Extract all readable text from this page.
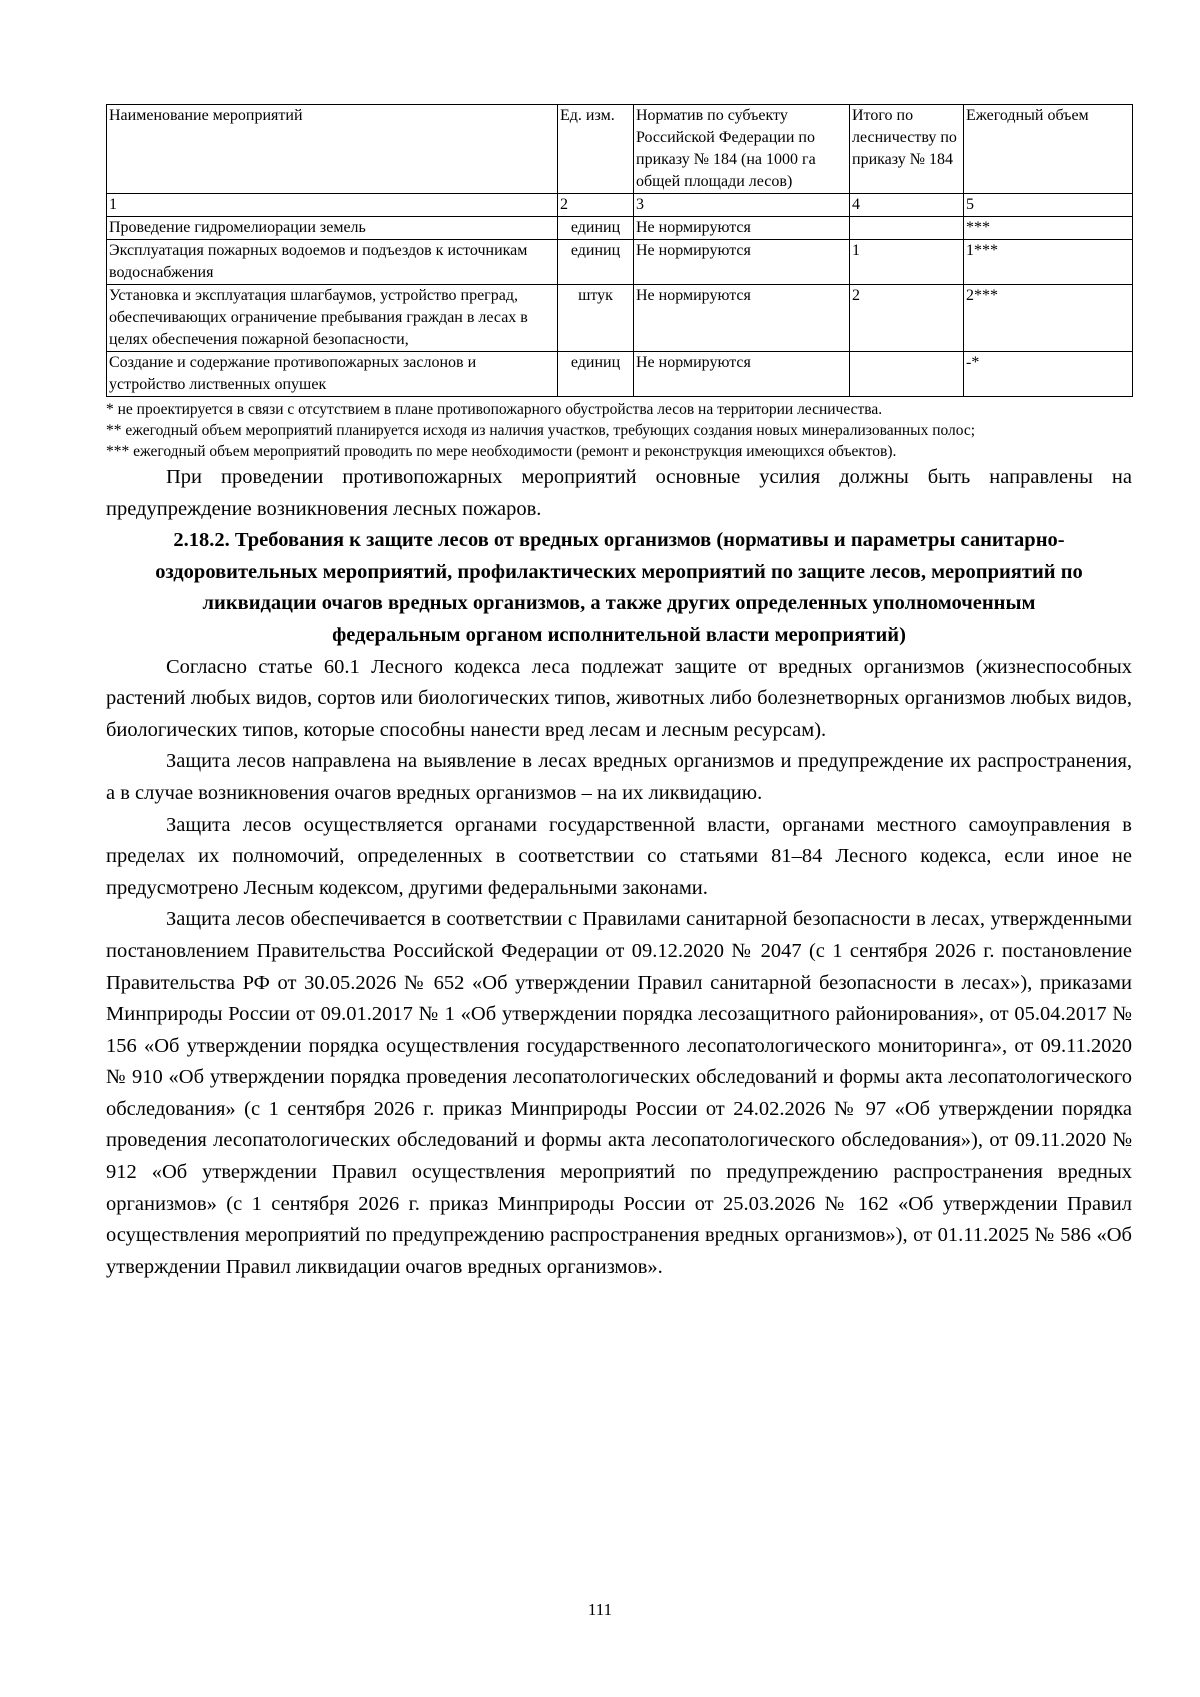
Наименование мероприятий	Ед. изм.	Норматив по субъекту Российской Федерации по приказу № 184 (на 1000 га общей площади лесов)	Итого по лесничеству по приказу № 184	Ежегодный объем
1	2	3	4	5
Проведение гидромелиорации земель	единиц	Не нормируются		***
Эксплуатация пожарных водоемов и подъездов к источникам водоснабжения	единиц	Не нормируются	1	1***
Установка и эксплуатация шлагбаумов, устройство преград, обеспечивающих ограничение пребывания граждан в лесах в целях обеспечения пожарной безопасности,	штук	Не нормируются	2	2***
Создание и содержание противопожарных заслонов и устройство лиственных опушек	единиц	Не нормируются		-*

* не проектируется в связи с отсутствием в плане противопожарного обустройства лесов на территории лесничества.

** ежегодный объем мероприятий планируется исходя из наличия участков, требующих создания новых минерализованных полос;

*** ежегодный объем мероприятий проводить по мере необходимости (ремонт и реконструкция имеющихся объектов).

При проведении противопожарных мероприятий основные усилия должны быть направлены на предупреждение возникновения лесных пожаров.

2.18.2. Требования к защите лесов от вредных организмов (нормативы и параметры санитарно-оздоровительных мероприятий, профилактических мероприятий по защите лесов, мероприятий по ликвидации очагов вредных организмов, а также других определенных уполномоченным федеральным органом исполнительной власти мероприятий)

Согласно статье 60.1 Лесного кодекса леса подлежат защите от вредных организмов (жизнеспособных растений любых видов, сортов или биологических типов, животных либо болезнетворных организмов любых видов, биологических типов, которые способны нанести вред лесам и лесным ресурсам).

Защита лесов направлена на выявление в лесах вредных организмов и предупреждение их распространения, а в случае возникновения очагов вредных организмов – на их ликвидацию.

Защита лесов осуществляется органами государственной власти, органами местного самоуправления в пределах их полномочий, определенных в соответствии со статьями 81–84 Лесного кодекса, если иное не предусмотрено Лесным кодексом, другими федеральными законами.

Защита лесов обеспечивается в соответствии с Правилами санитарной безопасности в лесах, утвержденными постановлением Правительства Российской Федерации от 09.12.2020 № 2047 (с 1 сентября 2026 г. постановление Правительства РФ от 30.05.2026 № 652 «Об утверждении Правил санитарной безопасности в лесах»), приказами Минприроды России от 09.01.2017 № 1 «Об утверждении порядка лесозащитного районирования», от 05.04.2017 № 156 «Об утверждении порядка осуществления государственного лесопатологического мониторинга», от 09.11.2020 № 910 «Об утверждении порядка проведения лесопатологических обследований и формы акта лесопатологического обследования» (с 1 сентября 2026 г. приказ Минприроды России от 24.02.2026 № 97 «Об утверждении порядка проведения лесопатологических обследований и формы акта лесопатологического обследования»), от 09.11.2020 № 912 «Об утверждении Правил осуществления мероприятий по предупреждению распространения вредных организмов» (с 1 сентября 2026 г. приказ Минприроды России от 25.03.2026 № 162 «Об утверждении Правил осуществления мероприятий по предупреждению распространения вредных организмов»), от 01.11.2025 № 586 «Об утверждении Правил ликвидации очагов вредных организмов».

111
